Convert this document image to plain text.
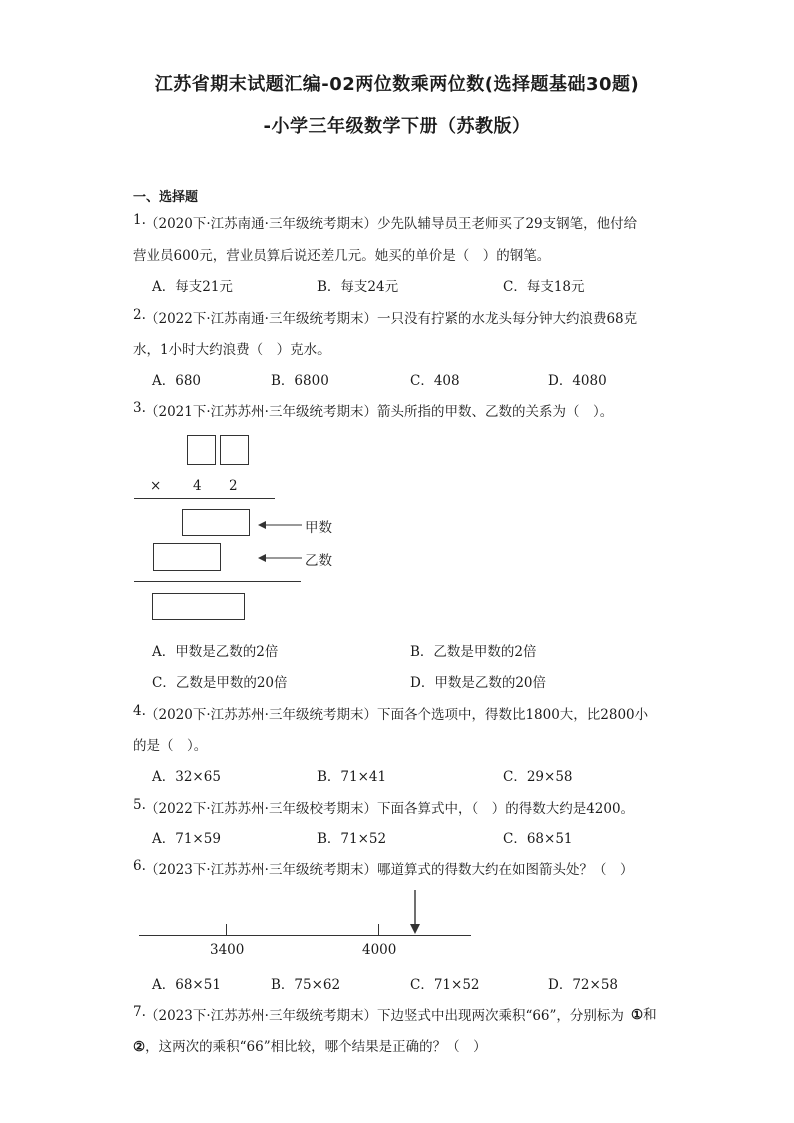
江苏省期末试题汇编-02两位数乘两位数(选择题基础30题)
-小学三年级数学下册（苏教版）
一、选择题
1. （2020下·江苏南通·三年级统考期末）少先队辅导员王老师买了29支钢笔，他付给
营业员600元，营业员算后说还差几元。她买的单价是（　）的钢笔。
A．每支21元	B．每支24元	C．每支18元
2. （2022下·江苏南通·三年级统考期末）一只没有拧紧的水龙头每分钟大约浪费68克
水，1小时大约浪费（　）克水。
A．680	B．6800	C．408	D．4080
3. （2021下·江苏苏州·三年级统考期末）箭头所指的甲数、乙数的关系为（　）。
× 4 2
甲数
乙数
A．甲数是乙数的2倍	B．乙数是甲数的2倍
C．乙数是甲数的20倍	D．甲数是乙数的20倍
4. （2020下·江苏苏州·三年级统考期末）下面各个选项中，得数比1800大，比2800小
的是（　）。
A．32×65	B．71×41	C．29×58
5. （2022下·江苏苏州·三年级校考期末）下面各算式中，（　）的得数大约是4200。
A．71×59	B．71×52	C．68×51
6. （2023下·江苏苏州·三年级统考期末）哪道算式的得数大约在如图箭头处？（　）
3400	4000
A．68×51	B．75×62	C．71×52	D．72×58
7. （2023下·江苏苏州·三年级统考期末）下边竖式中出现两次乘积“66”，分别标为 ①和
②，这两次的乘积“66”相比较，哪个结果是正确的？（　）
